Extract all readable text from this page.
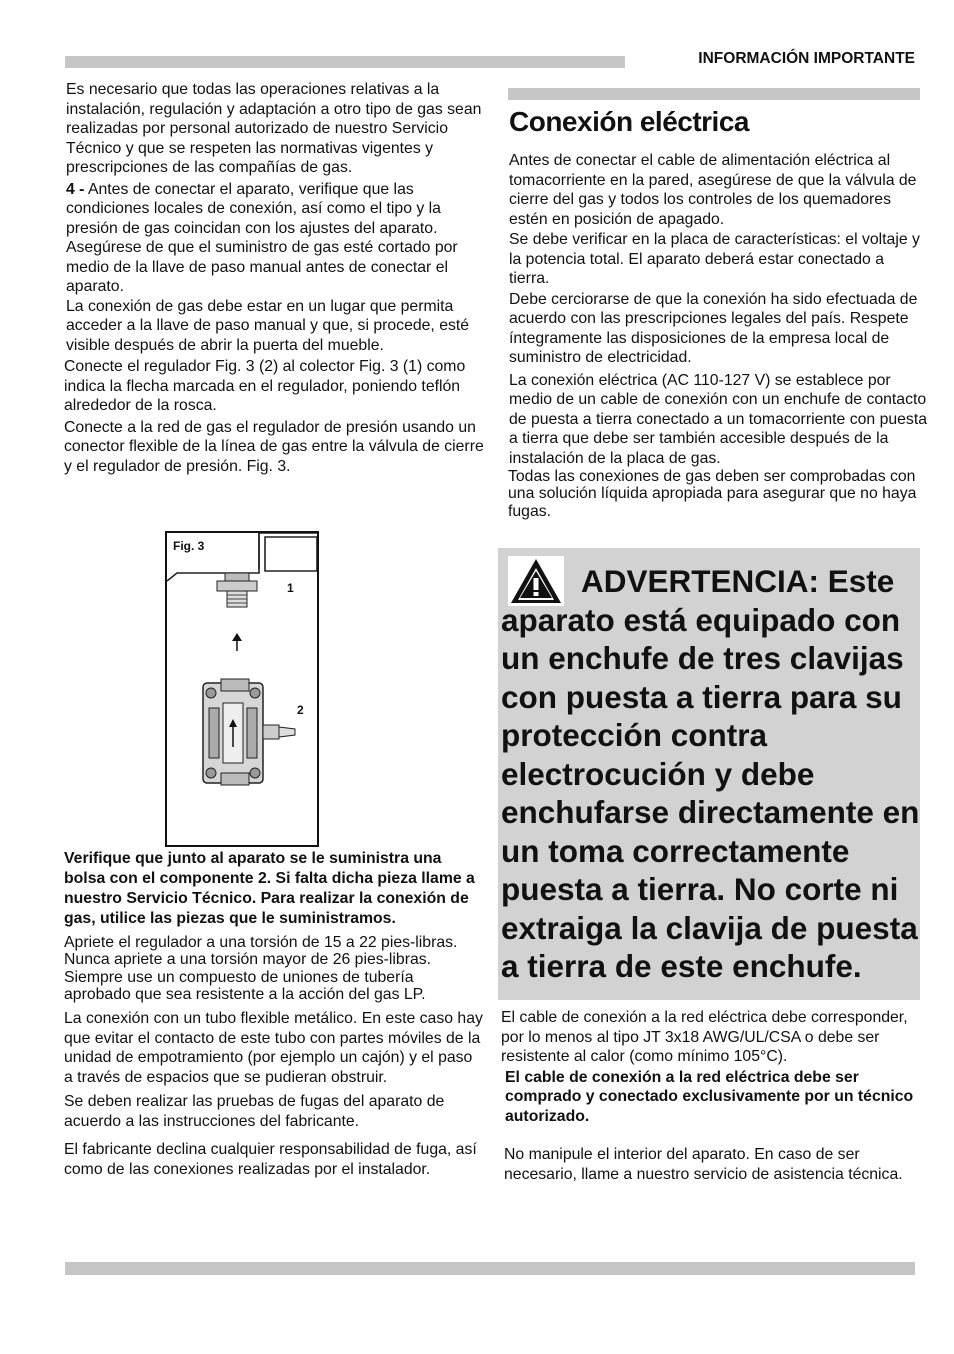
INFORMACIÓN IMPORTANTE

Es necesario que todas las operaciones relativas a la instalación, regulación y adaptación a otro tipo de gas sean realizadas por personal autorizado de nuestro Servicio Técnico y que se respeten las normativas vigentes y prescripciones de las compañías de gas.

4 - Antes de conectar el aparato, verifique que las condiciones locales de conexión, así como el tipo y la presión de gas coincidan con los ajustes del aparato.

Asegúrese de que el suministro de gas esté cortado por medio de la llave de paso manual antes de conectar el aparato.

La conexión de gas debe estar en un lugar que permita acceder a la llave de paso manual y que, si procede, esté visible después de abrir la puerta del mueble.

Conecte el regulador Fig. 3 (2) al colector Fig. 3 (1) como indica la flecha marcada en el regulador, poniendo teflón alrededor de la rosca.

Conecte a la red de gas el regulador de presión usando un conector flexible de la línea de gas entre la válvula de cierre y el regulador de presión. Fig. 3.

Fig. 3
1
2

Verifique que junto al aparato se le suministra una bolsa con el componente 2. Si falta dicha pieza llame a nuestro Servicio Técnico. Para realizar la conexión de gas, utilice las piezas que le suministramos.

Apriete el regulador a una torsión de 15 a 22 pies-libras. Nunca apriete a una torsión mayor de 26 pies-libras. Siempre use un compuesto de uniones de tubería aprobado que sea resistente a la acción del gas LP.

La conexión con un tubo flexible metálico. En este caso hay que evitar el contacto de este tubo con partes móviles de la unidad de empotramiento (por ejemplo un cajón) y el paso a través de espacios que se pudieran obstruir.

Se deben realizar las pruebas de fugas del aparato de acuerdo a las instrucciones del fabricante.

El fabricante declina cualquier responsabilidad de fuga, así como de las conexiones realizadas por el instalador.

Conexión eléctrica

Antes de conectar el cable de alimentación eléctrica al tomacorriente en la pared, asegúrese de que la válvula de cierre del gas y todos los controles de los quemadores estén en posición de apagado.

Se debe verificar en la placa de características: el voltaje y la potencia total. El aparato deberá estar conectado a tierra.

Debe cerciorarse de que la conexión ha sido efectuada de acuerdo con las prescripciones legales del país. Respete íntegramente las disposiciones de la empresa local de suministro de electricidad.

La conexión eléctrica (AC 110-127 V) se establece por medio de un cable de conexión con un enchufe de contacto de puesta a tierra conectado a un tomacorriente con puesta a tierra que debe ser también accesible después de la instalación de la placa de gas.

Todas las conexiones de gas deben ser comprobadas con una solución líquida apropiada para asegurar que no haya fugas.

ADVERTENCIA: Este aparato está equipado con un enchufe de tres clavijas con puesta a tierra para su protección contra electrocución y debe enchufarse directamente en un toma correctamente puesta a tierra. No corte ni extraiga la clavija de puesta a tierra de este enchufe.

El cable de conexión a la red eléctrica debe corresponder, por lo menos al tipo JT 3x18 AWG/UL/CSA o debe ser resistente al calor (como mínimo 105°C).

El cable de conexión a la red eléctrica debe ser comprado y conectado exclusivamente por un técnico autorizado.

No manipule el interior del aparato. En caso de ser necesario, llame a nuestro servicio de asistencia técnica.
